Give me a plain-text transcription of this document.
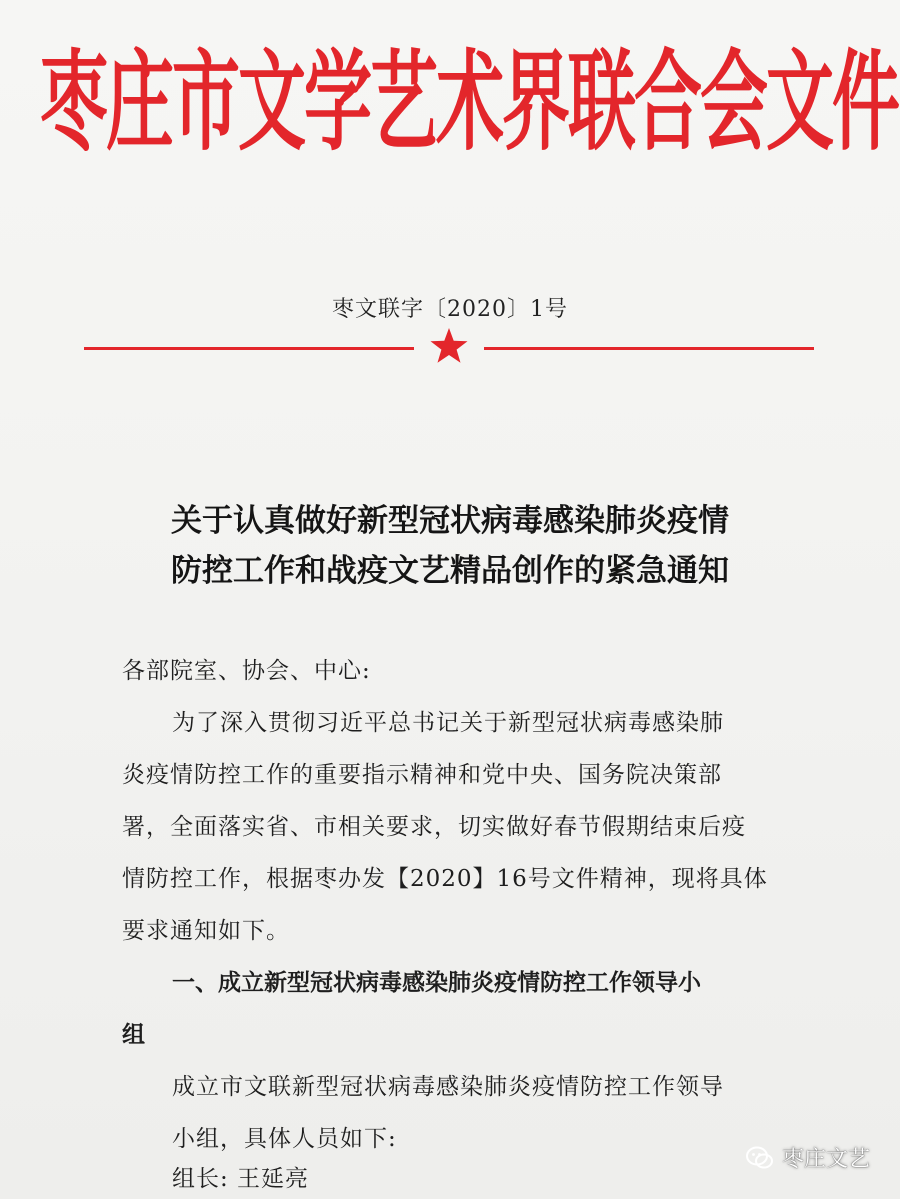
枣庄市文学艺术界联合会文件
枣文联字〔2020〕1号
关于认真做好新型冠状病毒感染肺炎疫情
防控工作和战疫文艺精品创作的紧急通知
各部院室、协会、中心:
为了深入贯彻习近平总书记关于新型冠状病毒感染肺
炎疫情防控工作的重要指示精神和党中央、国务院决策部
署，全面落实省、市相关要求，切实做好春节假期结束后疫
情防控工作，根据枣办发【2020】16号文件精神，现将具体
要求通知如下。
一、成立新型冠状病毒感染肺炎疫情防控工作领导小
组
成立市文联新型冠状病毒感染肺炎疫情防控工作领导
小组，具体人员如下:
组长: 王延亮
枣庄文艺
